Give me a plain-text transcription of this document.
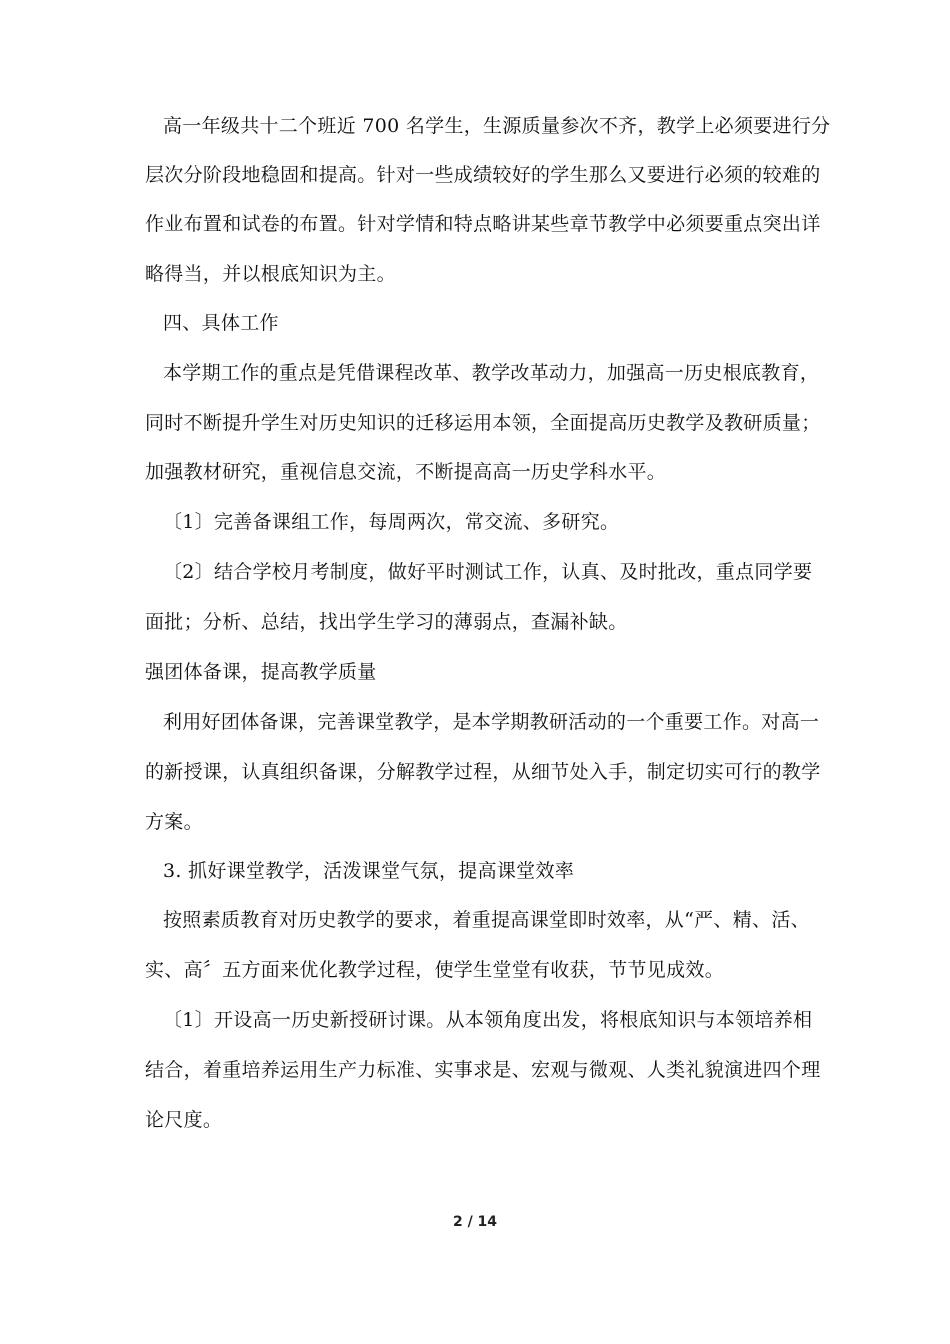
高一年级共十二个班近 700 名学生，生源质量参次不齐，教学上必须要进行分
层次分阶段地稳固和提高。针对一些成绩较好的学生那么又要进行必须的较难的
作业布置和试卷的布置。针对学情和特点略讲某些章节教学中必须要重点突出详
略得当，并以根底知识为主。
四、具体工作
本学期工作的重点是凭借课程改革、教学改革动力，加强高一历史根底教育，
同时不断提升学生对历史知识的迁移运用本领，全面提高历史教学及教研质量；
加强教材研究，重视信息交流，不断提高高一历史学科水平。
〔1〕完善备课组工作，每周两次，常交流、多研究。
〔2〕结合学校月考制度，做好平时测试工作，认真、及时批改，重点同学要
面批；分析、总结，找出学生学习的薄弱点，查漏补缺。
强团体备课，提高教学质量
利用好团体备课，完善课堂教学，是本学期教研活动的一个重要工作。对高一
的新授课，认真组织备课，分解教学过程，从细节处入手，制定切实可行的教学
方案。
3. 抓好课堂教学，活泼课堂气氛，提高课堂效率
按照素质教育对历史教学的要求，着重提高课堂即时效率，从“严、精、活、
实、高〞五方面来优化教学过程，使学生堂堂有收获，节节见成效。
〔1〕开设高一历史新授研讨课。从本领角度出发，将根底知识与本领培养相
结合，着重培养运用生产力标准、实事求是、宏观与微观、人类礼貌演进四个理
论尺度。
2 / 14
